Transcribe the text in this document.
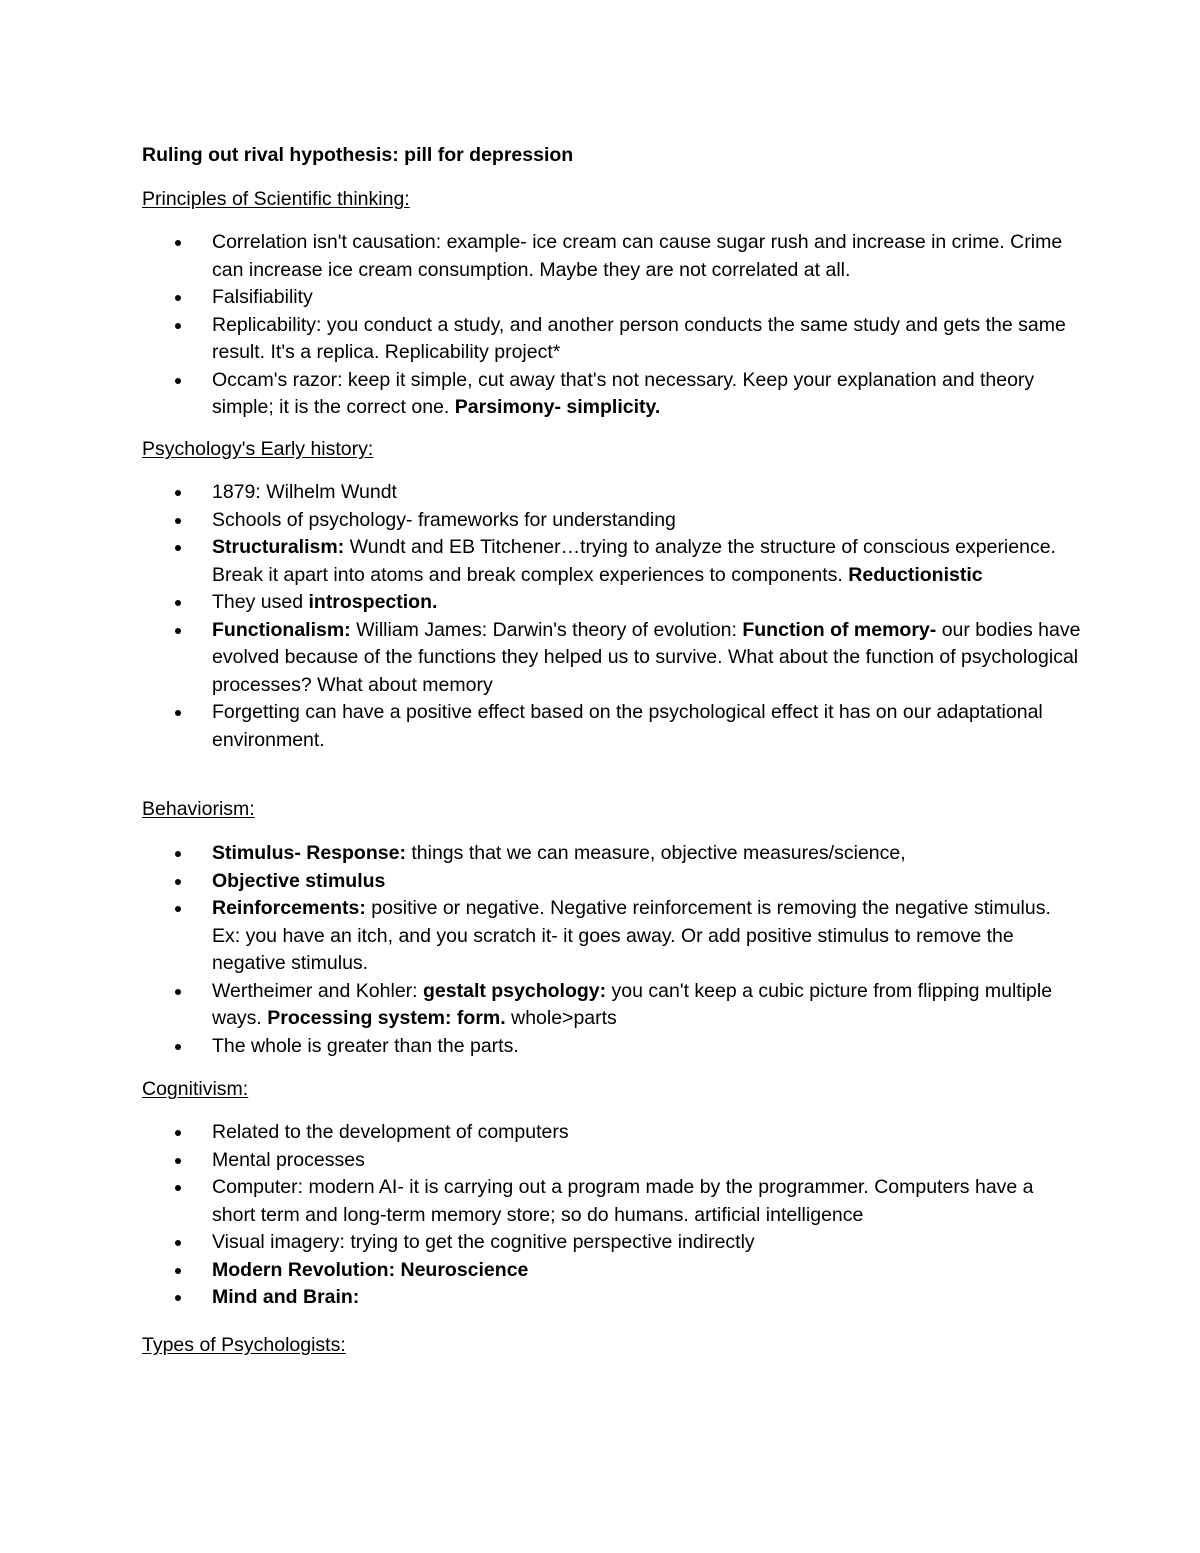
Ruling out rival hypothesis: pill for depression
Principles of Scientific thinking:
Correlation isn't causation: example- ice cream can cause sugar rush and increase in crime. Crime can increase ice cream consumption. Maybe they are not correlated at all.
Falsifiability
Replicability: you conduct a study, and another person conducts the same study and gets the same result. It's a replica. Replicability project*
Occam's razor: keep it simple, cut away that's not necessary. Keep your explanation and theory simple; it is the correct one. Parsimony- simplicity.
Psychology's Early history:
1879: Wilhelm Wundt
Schools of psychology- frameworks for understanding
Structuralism: Wundt and EB Titchener…trying to analyze the structure of conscious experience. Break it apart into atoms and break complex experiences to components. Reductionistic
They used introspection.
Functionalism: William James: Darwin's theory of evolution: Function of memory- our bodies have evolved because of the functions they helped us to survive. What about the function of psychological processes? What about memory
Forgetting can have a positive effect based on the psychological effect it has on our adaptational environment.
Behaviorism:
Stimulus- Response: things that we can measure, objective measures/science,
Objective stimulus
Reinforcements: positive or negative. Negative reinforcement is removing the negative stimulus. Ex: you have an itch, and you scratch it- it goes away. Or add positive stimulus to remove the negative stimulus.
Wertheimer and Kohler: gestalt psychology: you can't keep a cubic picture from flipping multiple ways. Processing system: form. whole>parts
The whole is greater than the parts.
Cognitivism:
Related to the development of computers
Mental processes
Computer: modern AI- it is carrying out a program made by the programmer. Computers have a short term and long-term memory store; so do humans. artificial intelligence
Visual imagery: trying to get the cognitive perspective indirectly
Modern Revolution: Neuroscience
Mind and Brain:
Types of Psychologists:
